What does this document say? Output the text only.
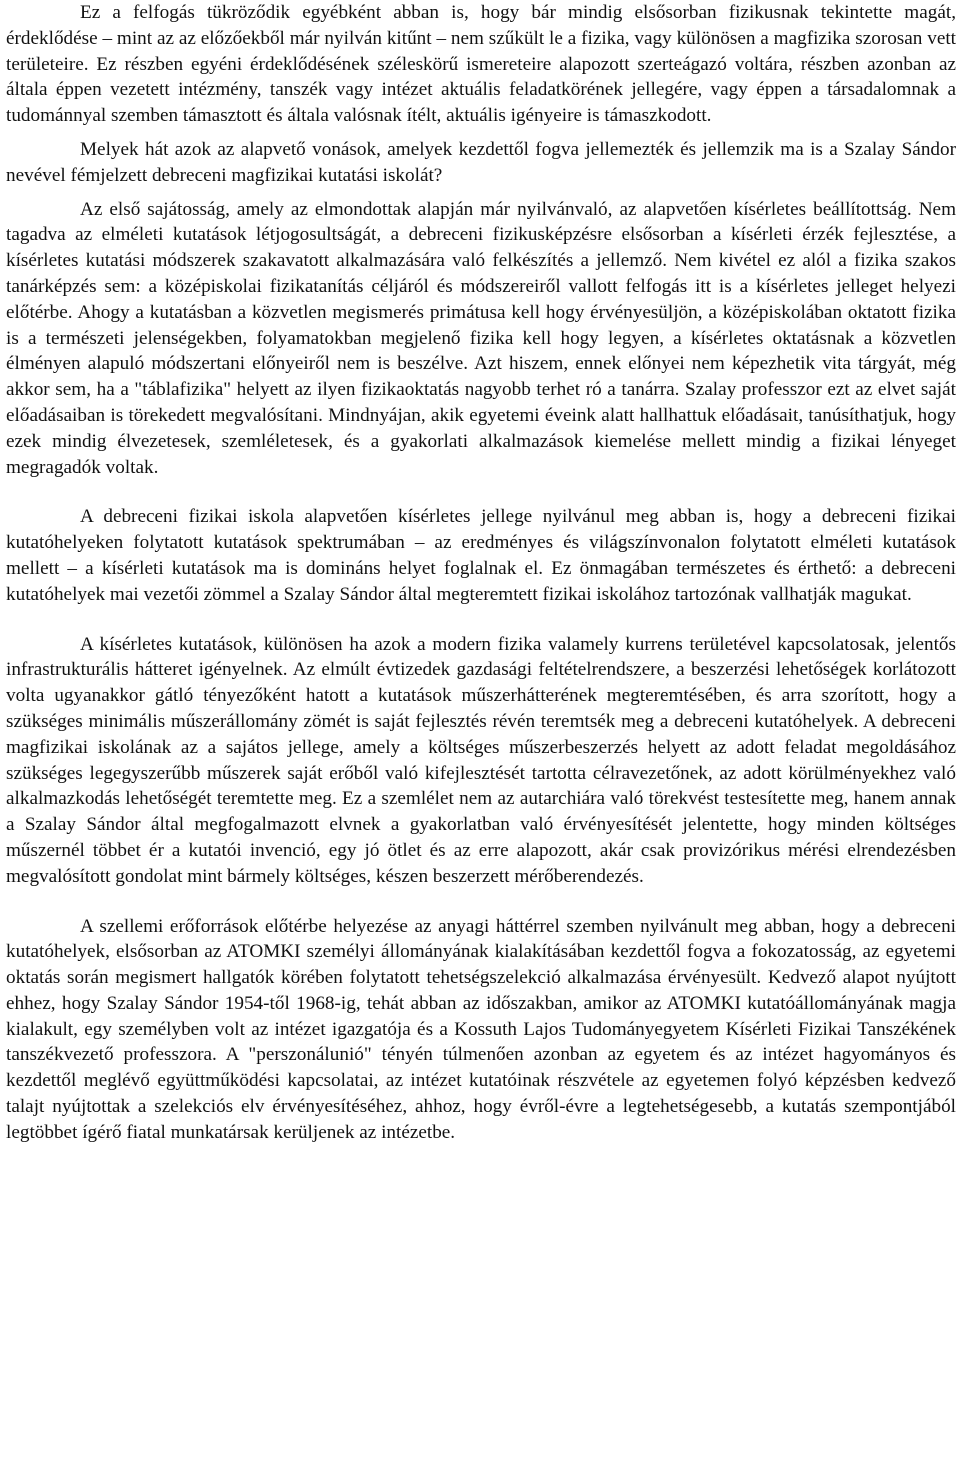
Ez a felfogás tükröződik egyébként abban is, hogy bár mindig elsősorban fizikusnak tekintette magát, érdeklődése – mint az az előzőekből már nyilván kitűnt – nem szűkült le a fizika, vagy különösen a magfizika szorosan vett területeire. Ez részben egyéni érdeklődésének széleskörű ismereteire alapozott szerteágazó voltára, részben azonban az általa éppen vezetett intézmény, tanszék vagy intézet aktuális feladatkörének jellegére, vagy éppen a társadalomnak a tudománnyal szemben támasztott és általa valósnak ítélt, aktuális igényeire is támaszkodott.

Melyek hát azok az alapvető vonások, amelyek kezdettől fogva jellemezték és jellemzik ma is a Szalay Sándor nevével fémjelzett debreceni magfizikai kutatási iskolát?

Az első sajátosság, amely az elmondottak alapján már nyilvánvaló, az alapvetően kísérletes beállítottság. Nem tagadva az elméleti kutatások létjogosultságát, a debreceni fizikusképzésre elsősorban a kísérleti érzék fejlesztése, a kísérletes kutatási módszerek szakavatott alkalmazására való felkészítés a jellemző. Nem kivétel ez alól a fizika szakos tanárképzés sem: a középiskolai fizikatanítás céljáról és módszereiről vallott felfogás itt is a kísérletes jelleget helyezi előtérbe. Ahogy a kutatásban a közvetlen megismerés primátusa kell hogy érvényesüljön, a középiskolában oktatott fizika is a természeti jelenségekben, folyamatokban megjelenő fizika kell hogy legyen, a kísérletes oktatásnak a közvetlen élményen alapuló módszertani előnyeiről nem is beszélve. Azt hiszem, ennek előnyei nem képezhetik vita tárgyát, még akkor sem, ha a "táblafizika" helyett az ilyen fizikaoktatás nagyobb terhet ró a tanárra. Szalay professzor ezt az elvet saját előadásaiban is törekedett megvalósítani. Mindnyájan, akik egyetemi éveink alatt hallhattuk előadásait, tanúsíthatjuk, hogy ezek mindig élvezetesek, szemléletesek, és a gyakorlati alkalmazások kiemelése mellett mindig a fizikai lényeget megragadók voltak.

A debreceni fizikai iskola alapvetően kísérletes jellege nyilvánul meg abban is, hogy a debreceni fizikai kutatóhelyeken folytatott kutatások spektrumában – az eredményes és világszínvonalon folytatott elméleti kutatások mellett – a kísérleti kutatások ma is domináns helyet foglalnak el. Ez önmagában természetes és érthető: a debreceni kutatóhelyek mai vezetői zömmel a Szalay Sándor által megteremtett fizikai iskolához tartozónak vallhatják magukat.

A kísérletes kutatások, különösen ha azok a modern fizika valamely kurrens területével kapcsolatosak, jelentős infrastrukturális hátteret igényelnek. Az elmúlt évtizedek gazdasági feltételrendszere, a beszerzési lehetőségek korlátozott volta ugyanakkor gátló tényezőként hatott a kutatások műszerhátterének megteremtésében, és arra szorított, hogy a szükséges minimális műszerállomány zömét is saját fejlesztés révén teremtsék meg a debreceni kutatóhelyek. A debreceni magfizikai iskolának az a sajátos jellege, amely a költséges műszerbeszerzés helyett az adott feladat megoldásához szükséges legegyszerűbb műszerek saját erőből való kifejlesztését tartotta célravezetőnek, az adott körülményekhez való alkalmazkodás lehetőségét teremtette meg. Ez a szemlélet nem az autarchiára való törekvést testesítette meg, hanem annak a Szalay Sándor által megfogalmazott elvnek a gyakorlatban való érvényesítését jelentette, hogy minden költséges műszernél többet ér a kutatói invenció, egy jó ötlet és az erre alapozott, akár csak provizórikus mérési elrendezésben megvalósított gondolat mint bármely költséges, készen beszerzett mérőberendezés.

A szellemi erőforrások előtérbe helyezése az anyagi háttérrel szemben nyilvánult meg abban, hogy a debreceni kutatóhelyek, elsősorban az ATOMKI személyi állományának kialakításában kezdettől fogva a fokozatosság, az egyetemi oktatás során megismert hallgatók körében folytatott tehetségszelekció alkalmazása érvényesült. Kedvező alapot nyújtott ehhez, hogy Szalay Sándor 1954-től 1968-ig, tehát abban az időszakban, amikor az ATOMKI kutatóállományának magja kialakult, egy személyben volt az intézet igazgatója és a Kossuth Lajos Tudományegyetem Kísérleti Fizikai Tanszékének tanszékvezető professzora. A "perszonálunió" tényén túlmenően azonban az egyetem és az intézet hagyományos és kezdettől meglévő együttműködési kapcsolatai, az intézet kutatóinak részvétele az egyetemen folyó képzésben kedvező talajt nyújtottak a szelekciós elv érvényesítéséhez, ahhoz, hogy évről-évre a legtehetségesebb, a kutatás szempontjából legtöbbet ígérő fiatal munkatársak kerüljenek az intézetbe.
